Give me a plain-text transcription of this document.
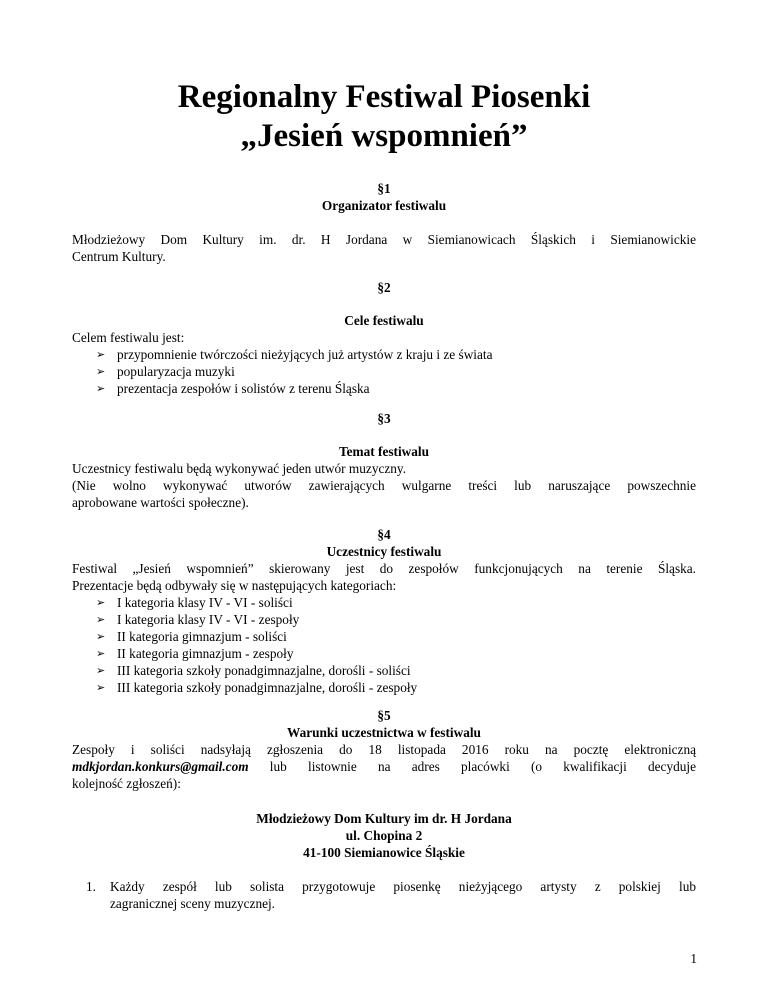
Regionalny Festiwal Piosenki
„Jesień wspomnień”
§1
Organizator festiwalu
Młodzieżowy Dom Kultury im. dr. H Jordana w Siemianowicach Śląskich i Siemianowickie
Centrum Kultury.
§2
Cele festiwalu
Celem festiwalu jest:
➢ przypomnienie twórczości nieżyjących już artystów z kraju i ze świata
➢ popularyzacja muzyki
➢ prezentacja zespołów i solistów z terenu Śląska
§3
Temat festiwalu
Uczestnicy festiwalu będą wykonywać jeden utwór muzyczny.
(Nie wolno wykonywać utworów zawierających wulgarne treści lub naruszające powszechnie
aprobowane wartości społeczne).
§4
Uczestnicy festiwalu
Festiwal „Jesień wspomnień” skierowany jest do zespołów funkcjonujących na terenie Śląska.
Prezentacje będą odbywały się w następujących kategoriach:
➢ I kategoria klasy IV - VI - soliści
➢ I kategoria klasy IV - VI - zespoły
➢ II kategoria gimnazjum - soliści
➢ II kategoria gimnazjum - zespoły
➢ III kategoria szkoły ponadgimnazjalne, dorośli - soliści
➢ III kategoria szkoły ponadgimnazjalne, dorośli - zespoły
§5
Warunki uczestnictwa w festiwalu
Zespoły i soliści nadsyłają zgłoszenia do 18 listopada 2016 roku na pocztę elektroniczną
mdkjordan.konkurs@gmail.com lub listownie na adres placówki (o kwalifikacji decyduje
kolejność zgłoszeń):
Młodzieżowy Dom Kultury im dr. H Jordana
ul. Chopina 2
41-100 Siemianowice Śląskie
1. Każdy zespół lub solista przygotowuje piosenkę nieżyjącego artysty z polskiej lub
zagranicznej sceny muzycznej.
1
